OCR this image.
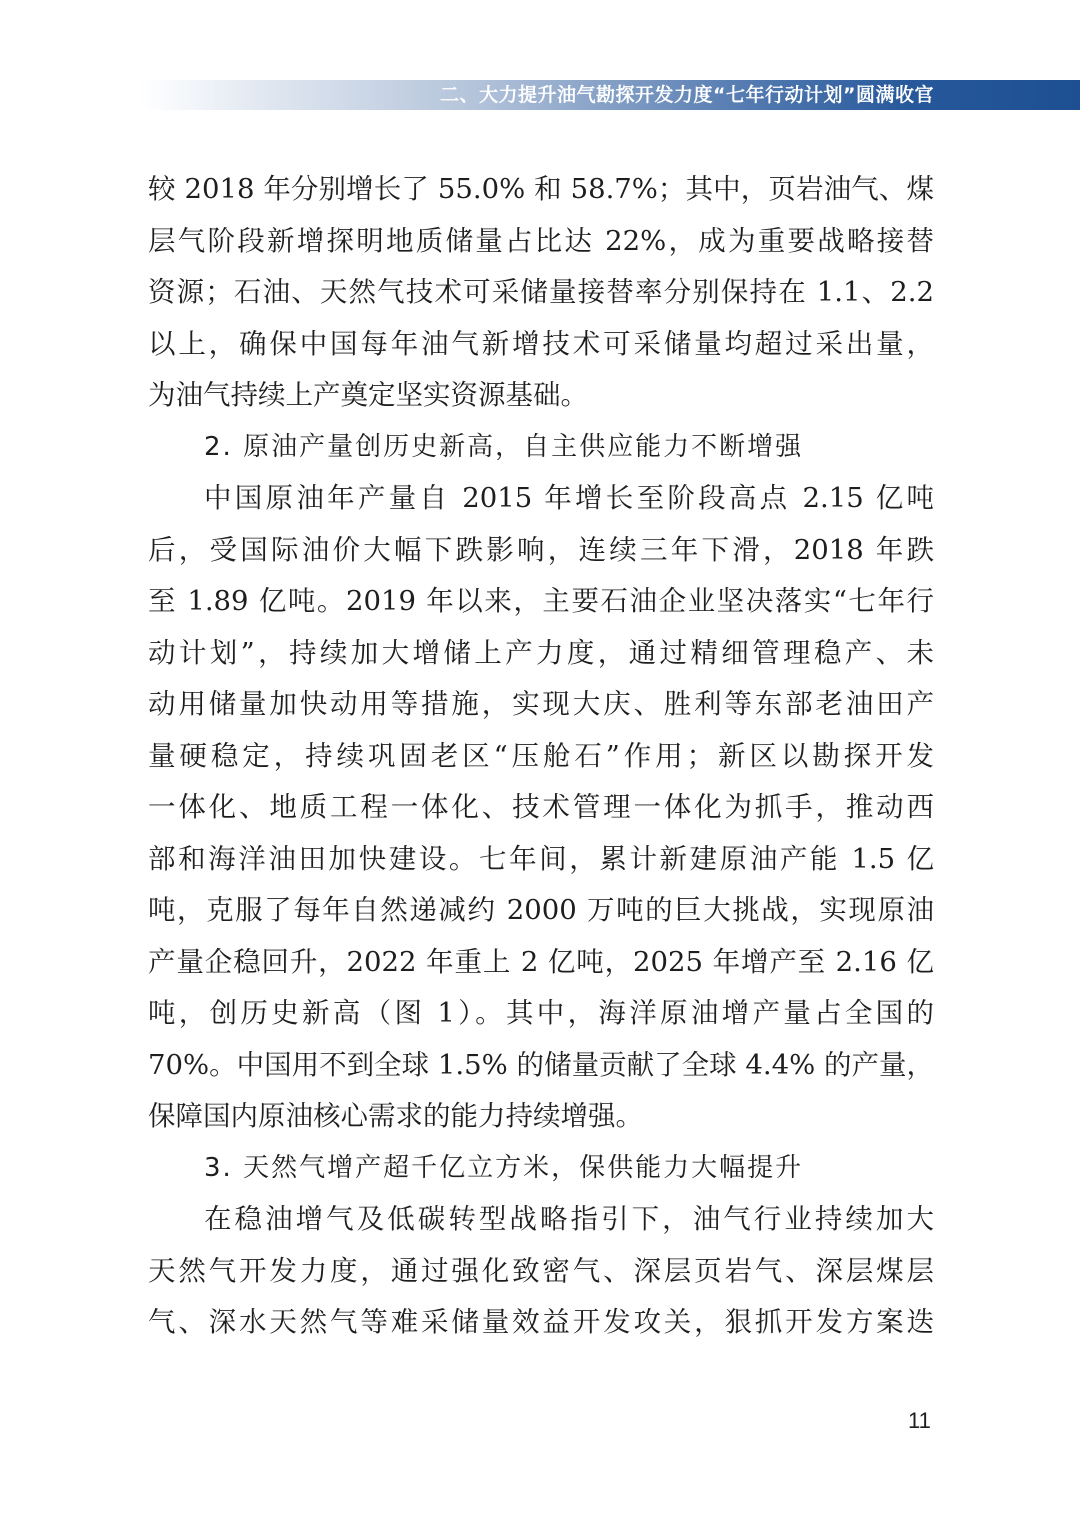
二、大力提升油气勘探开发力度“七年行动计划”圆满收官
较 2018 年分别增长了 55.0% 和 58.7%；其中，页岩油气、煤
层气阶段新增探明地质储量占比达 22%，成为重要战略接替
资源；石油、天然气技术可采储量接替率分别保持在 1.1、2.2
以上，确保中国每年油气新增技术可采储量均超过采出量，
为油气持续上产奠定坚实资源基础。
2. 原油产量创历史新高，自主供应能力不断增强
中国原油年产量自 2015 年增长至阶段高点 2.15 亿吨
后，受国际油价大幅下跌影响，连续三年下滑，2018 年跌
至 1.89 亿吨。2019 年以来，主要石油企业坚决落实“七年行
动计划”，持续加大增储上产力度，通过精细管理稳产、未
动用储量加快动用等措施，实现大庆、胜利等东部老油田产
量硬稳定，持续巩固老区“压舱石”作用；新区以勘探开发
一体化、地质工程一体化、技术管理一体化为抓手，推动西
部和海洋油田加快建设。七年间，累计新建原油产能 1.5 亿
吨，克服了每年自然递减约 2000 万吨的巨大挑战，实现原油
产量企稳回升，2022 年重上 2 亿吨，2025 年增产至 2.16 亿
吨，创历史新高（图 1）。其中，海洋原油增产量占全国的
70%。中国用不到全球 1.5% 的储量贡献了全球 4.4% 的产量，
保障国内原油核心需求的能力持续增强。
3. 天然气增产超千亿立方米，保供能力大幅提升
在稳油增气及低碳转型战略指引下，油气行业持续加大
天然气开发力度，通过强化致密气、深层页岩气、深层煤层
气、深水天然气等难采储量效益开发攻关，狠抓开发方案迭
11
